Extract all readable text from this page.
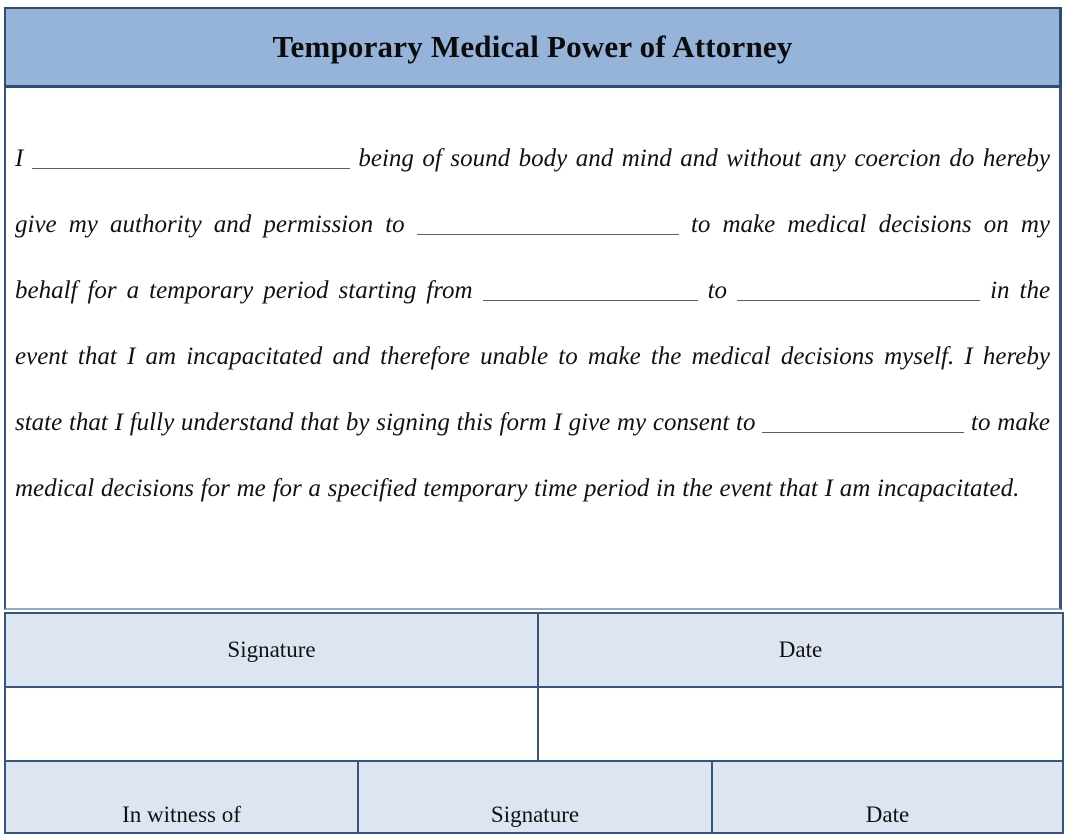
Temporary Medical Power of Attorney

I	being of sound body and mind and without any coercion do hereby give my authority and permission to	to make medical decisions on my behalf for a temporary period starting from	to	in the event that I am incapacitated and therefore unable to make the medical decisions myself. I hereby state that I fully understand that by signing this form I give my consent to	to make medical decisions for me for a specified temporary time period in the event that I am incapacitated.

Signature	Date

In witness of	Signature	Date
